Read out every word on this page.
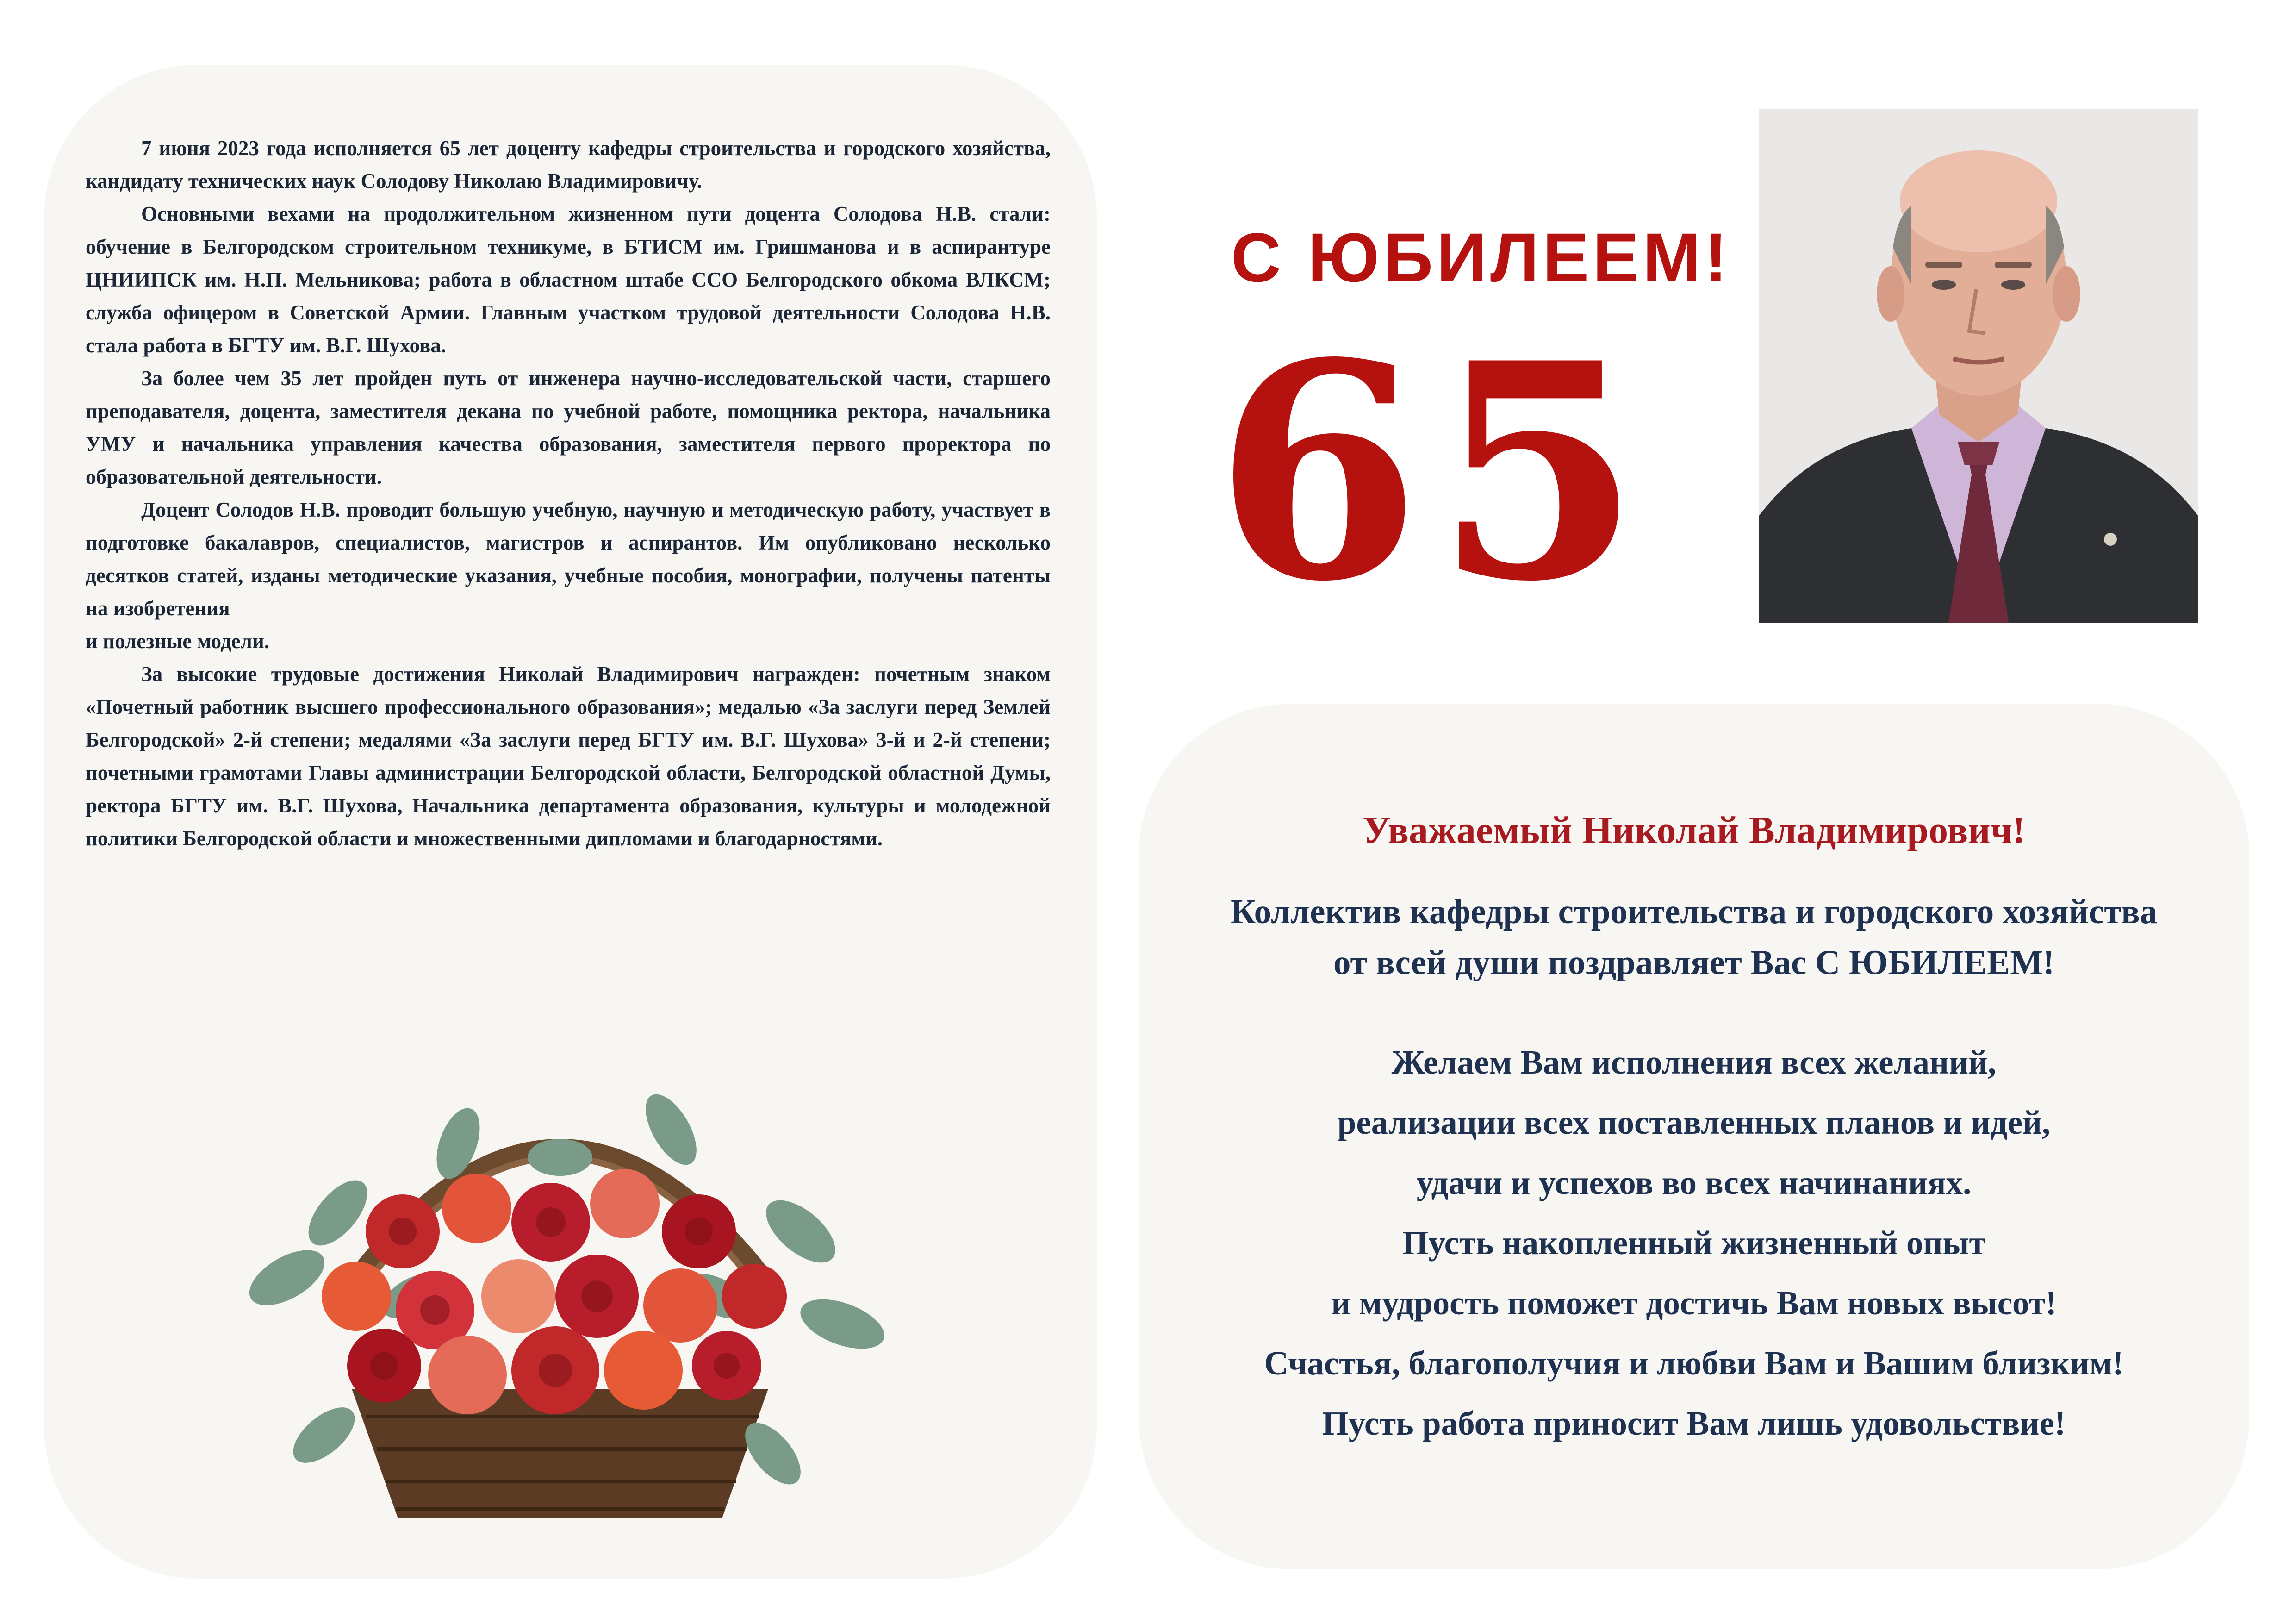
7 июня 2023 года исполняется 65 лет доценту кафедры строительства и городского хозяйства, кандидату технических наук Солодову Николаю Владимировичу.

Основными вехами на продолжительном жизненном пути доцента Солодова Н.В. стали: обучение в Белгородском строительном техникуме, в БТИСМ им. Гришманова и в аспирантуре ЦНИИПСК им. Н.П. Мельникова; работа в областном штабе ССО Белгородского обкома ВЛКСМ; служба офицером в Советской Армии. Главным участком трудовой деятельности Солодова Н.В. стала работа в БГТУ им. В.Г. Шухова.

За более чем 35 лет пройден путь от инженера научно-исследовательской части, старшего преподавателя, доцента, заместителя декана по учебной работе, помощника ректора, начальника УМУ и начальника управления качества образования, заместителя первого проректора по образовательной деятельности.

Доцент Солодов Н.В. проводит большую учебную, научную и методическую работу, участвует в подготовке бакалавров, специалистов, магистров и аспирантов. Им опубликовано несколько десятков статей, изданы методические указания, учебные пособия, монографии, получены патенты на изобретения

и полезные модели.

За высокие трудовые достижения Николай Владимирович награжден: почетным знаком «Почетный работник высшего профессионального образования»; медалью «За заслуги перед Землей Белгородской» 2-й степени; медалями «За заслуги перед БГТУ им. В.Г. Шухова» 3-й и 2-й степени; почетными грамотами Главы администрации Белгородской области, Белгородской областной Думы, ректора БГТУ им. В.Г. Шухова, Начальника департамента образования, культуры и молодежной политики Белгородской области и множественными дипломами и благодарностями.

С ЮБИЛЕЕМ!
65
Уважаемый Николай Владимирович!
Коллектив кафедры строительства и городского хозяйства
от всей души поздравляет Вас С ЮБИЛЕЕМ!
Желаем Вам исполнения всех желаний,
реализации всех поставленных планов и идей,
удачи и успехов во всех начинаниях.
Пусть накопленный жизненный опыт
и мудрость поможет достичь Вам новых высот!
Счастья, благополучия и любви Вам и Вашим близким!
Пусть работа приносит Вам лишь удовольствие!
